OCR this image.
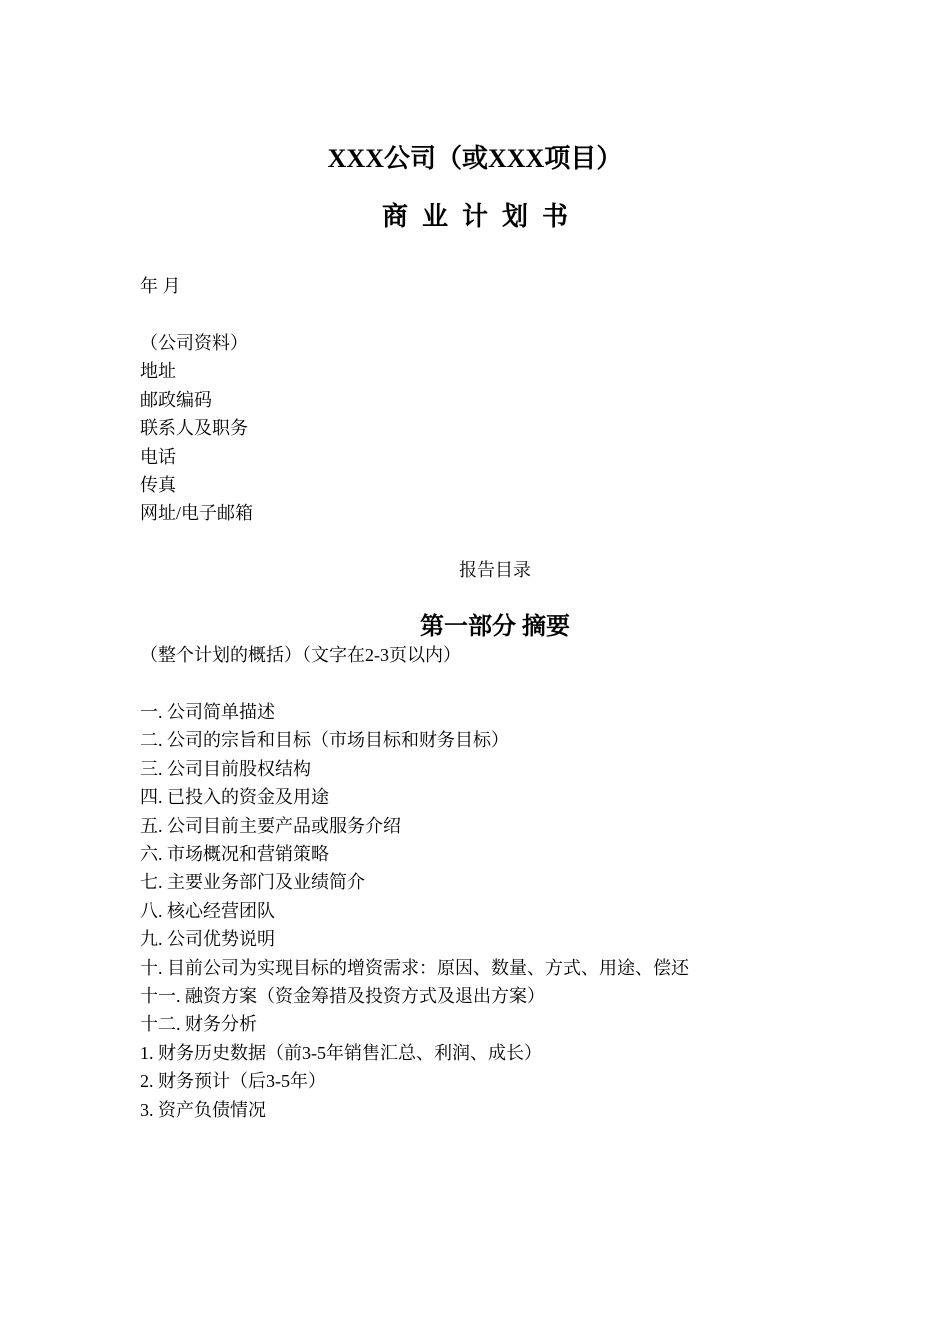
XXX公司（或XXX项目）
商业计划书
年 月
（公司资料）
地址
邮政编码
联系人及职务
电话
传真
网址/电子邮箱
报告目录
第一部分 摘要
（整个计划的概括）（文字在2-3页以内）
一. 公司简单描述
二. 公司的宗旨和目标（市场目标和财务目标）
三. 公司目前股权结构
四. 已投入的资金及用途
五. 公司目前主要产品或服务介绍
六. 市场概况和营销策略
七. 主要业务部门及业绩简介
八. 核心经营团队
九. 公司优势说明
十. 目前公司为实现目标的增资需求：原因、数量、方式、用途、偿还
十一. 融资方案（资金筹措及投资方式及退出方案）
十二. 财务分析
1. 财务历史数据（前3-5年销售汇总、利润、成长）
2. 财务预计（后3-5年）
3. 资产负债情况
